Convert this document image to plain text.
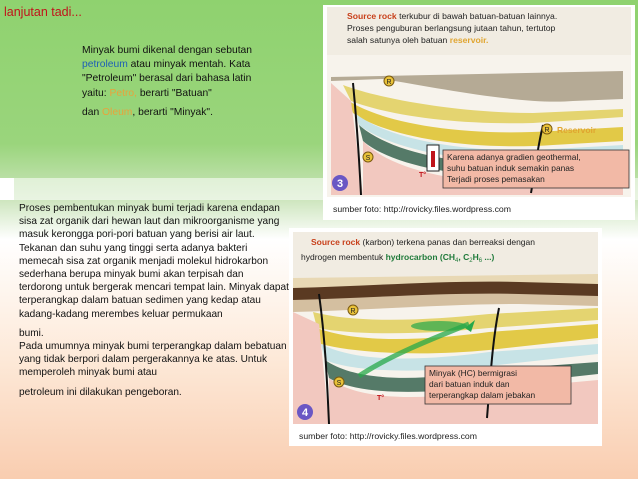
lanjutan tadi...

Minyak bumi dikenal dengan sebutan

petroleum atau minyak mentah. Kata

"Petroleum" berasal dari bahasa latin

yaitu: Petro, berarti "Batuan"

dan Oleum, berarti "Minyak".

Proses pembentukan minyak bumi terjadi karena endapan sisa zat organik dari hewan laut dan mikroorganisme yang masuk kerongga pori-pori batuan yang berisi air laut. Tekanan dan suhu yang tinggi serta adanya bakteri memecah sisa zat organik menjadi molekul hidrokarbon sederhana berupa minyak bumi akan terpisah dan terdorong untuk bergerak mencari tempat lain. Minyak dapat terperangkap dalam batuan sedimen yang kedap atau kadang-kadang merembes keluar permukaan

bumi.

Pada umumnya minyak bumi terperangkap dalam bebatuan yang tidak berpori dalam pergerakannya ke atas. Untuk memperoleh minyak bumi atau

petroleum ini dilakukan pengeboran.

Source rock terkubur di bawah batuan-batuan lainnya.
Proses penguburan berlangsung jutaan tahun, tertutop
salah satunya oleh batuan reservoir.
R
S
R Reservoir
T°
Karena adanya gradien geothermal,
suhu batuan induk semakin panas
Terjadi proses pemasakan
3
sumber foto: http://rovicky.files.wordpress.com
Source rock (karbon) terkena panas dan berreaksi dengan
hydrogen membentuk hydrocarbon ($CH_4$, $C_2H_6$ ...)
R
S
T°
Minyak (HC) bermigrasi
dari batuan induk dan
terperangkap dalam jebakan
4
sumber foto: http://rovicky.files.wordpress.com
